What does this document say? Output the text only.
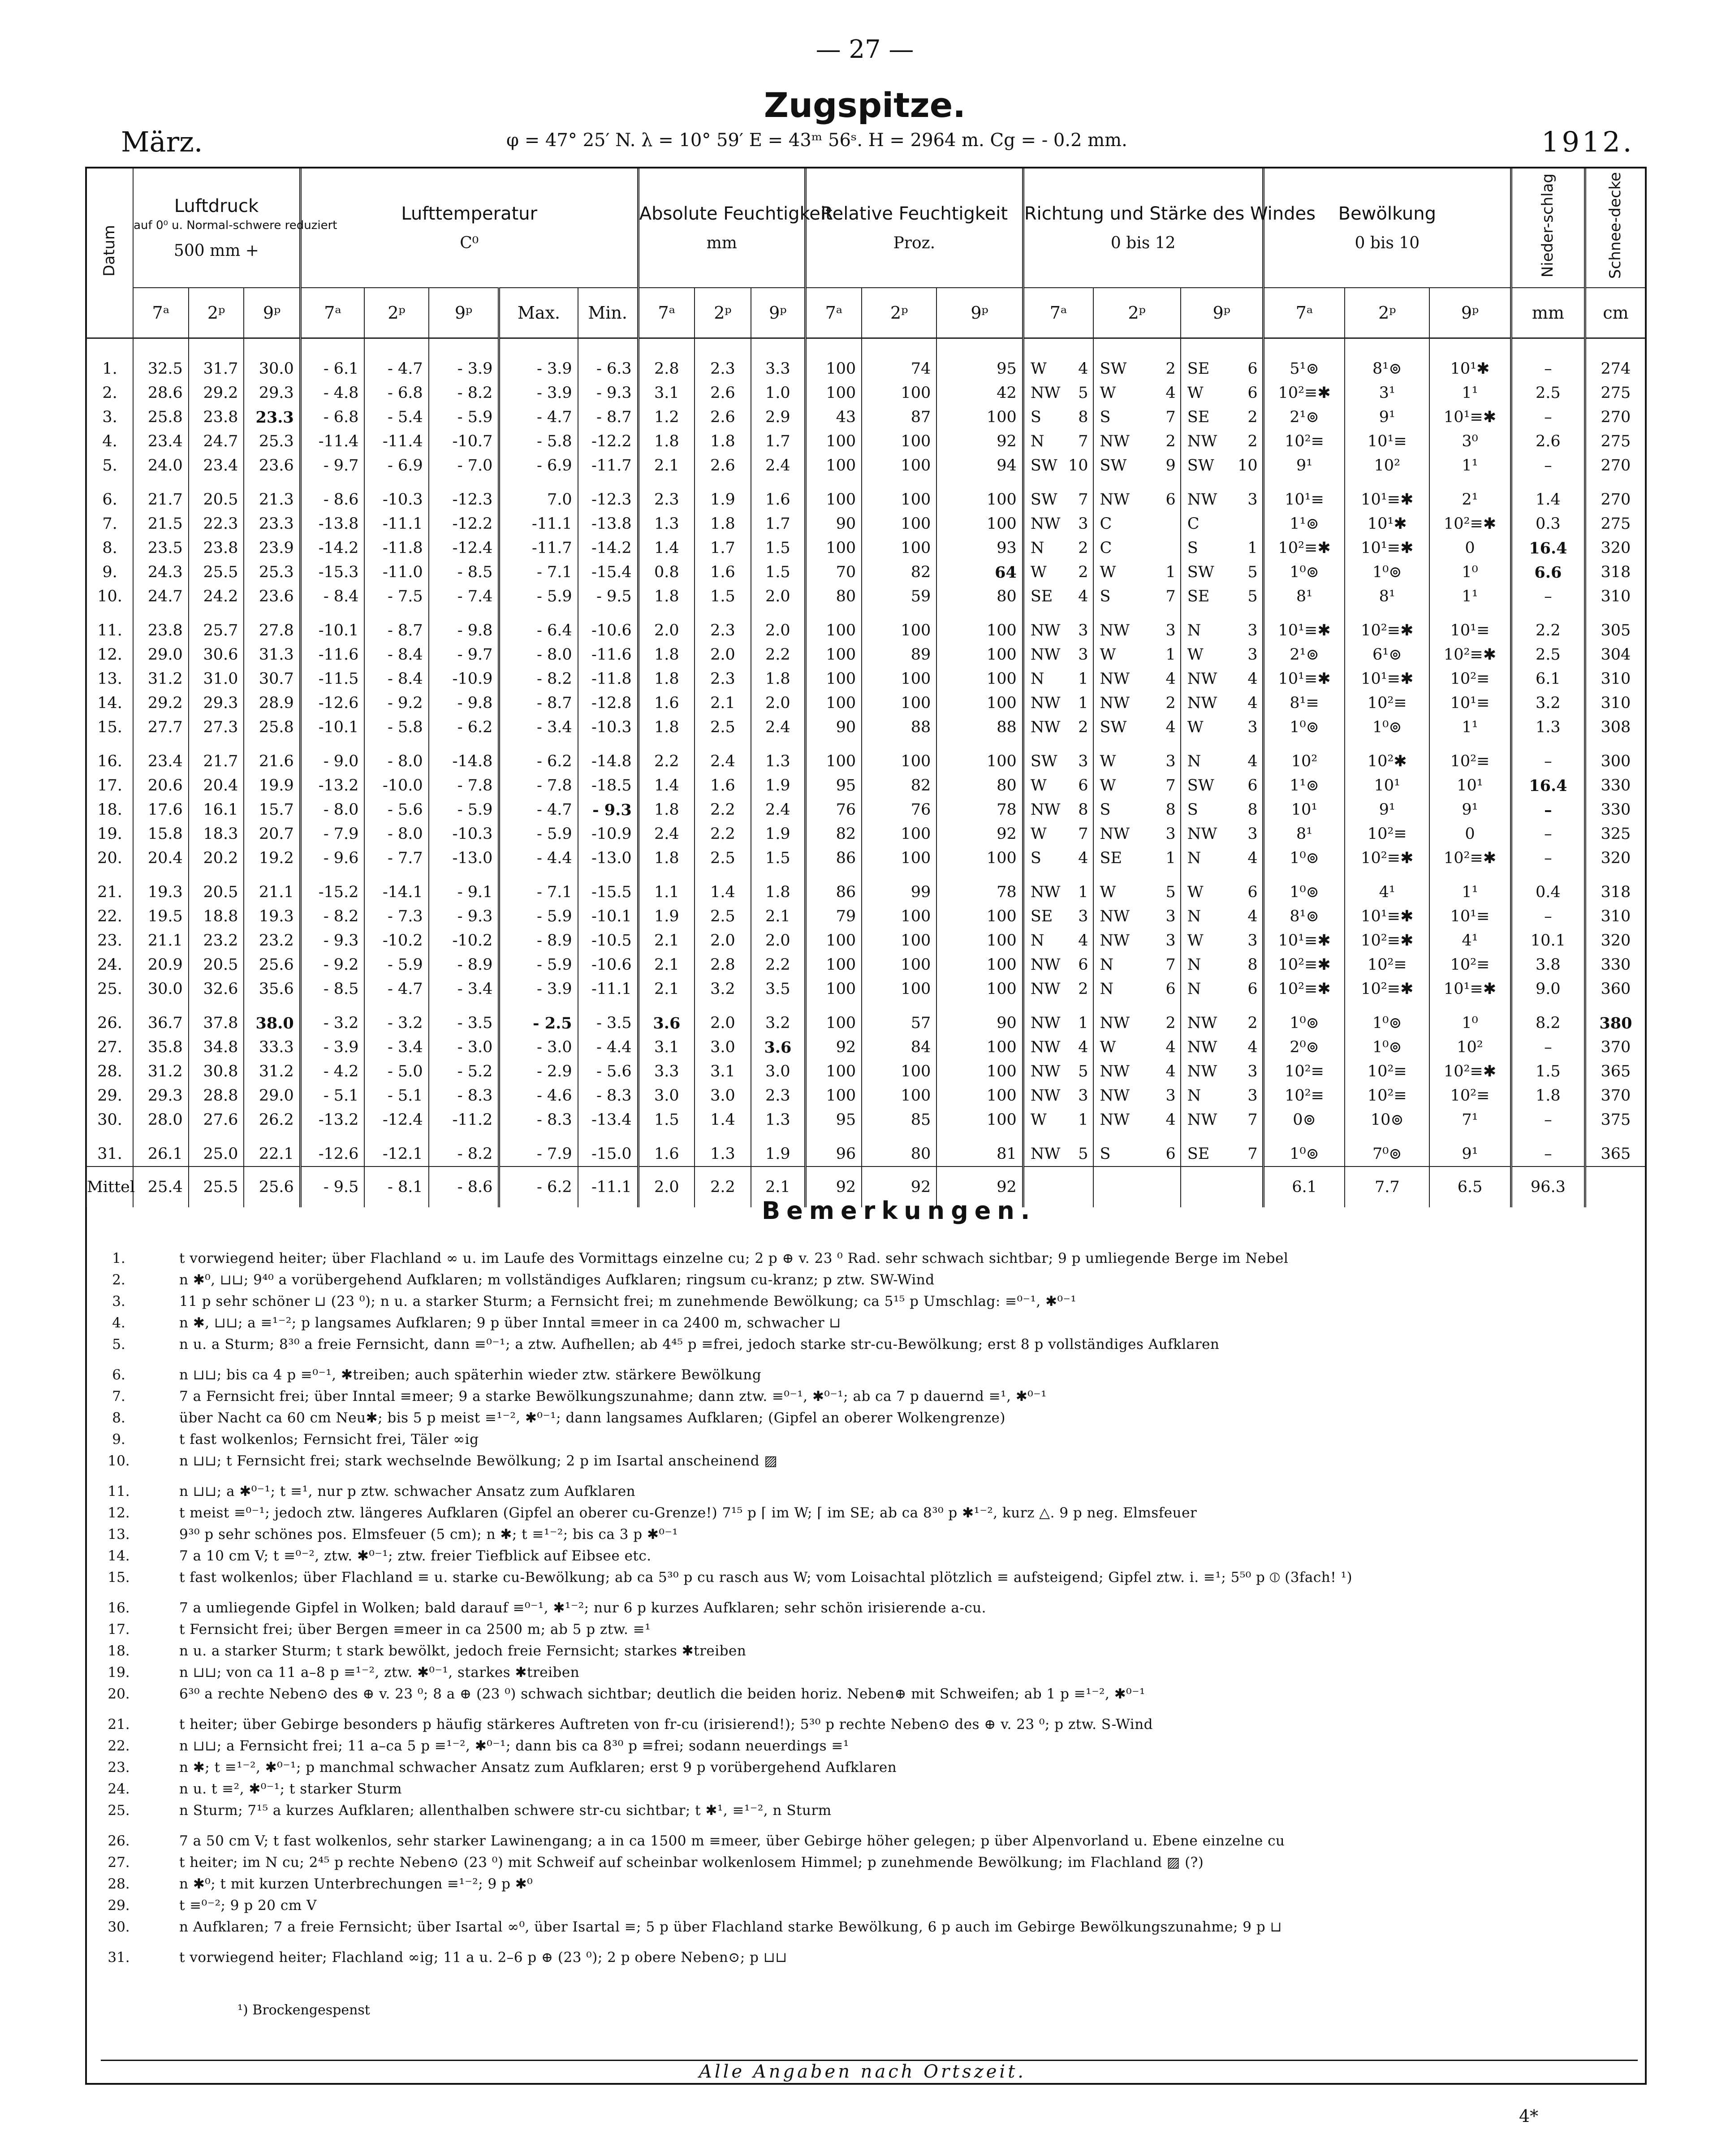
— 27 —
Zugspitze.
März.	φ = 47° 25′ N. λ = 10° 59′ E = 43ᵐ 56ˢ. H = 2964 m. Cg = - 0.2 mm.	1912.
Datum	Luftdruck
auf 0⁰ u. Normal-schwere reduziert
500 mm +			Lufttemperatur
C⁰					Absolute Feuchtigkeit
mm			Relative Feuchtigkeit
Proz.			Richtung und Stärke des Windes
0 bis 12			Bewölkung
0 bis 10			Nieder-schlag	Schnee-decke
	7ᵃ	2ᵖ	9ᵖ	7ᵃ	2ᵖ	9ᵖ	Max.	Min.	7ᵃ	2ᵖ	9ᵖ	7ᵃ	2ᵖ	9ᵖ	7ᵃ	2ᵖ	9ᵖ	7ᵃ	2ᵖ	9ᵖ	mm	cm
1.	32.5	31.7	30.0	- 6.1	- 4.7	- 3.9	- 3.9	- 6.3	2.8	2.3	3.3	100	74	95	W 4	SW 2	SE 6	5¹⊚	8¹⊚	10¹✱	–	274
2.	28.6	29.2	29.3	- 4.8	- 6.8	- 8.2	- 3.9	- 9.3	3.1	2.6	1.0	100	100	42	NW 5	W 4	W 6	10²≡✱	3¹	1¹	2.5	275
3.	25.8	23.8	23.3	- 6.8	- 5.4	- 5.9	- 4.7	- 8.7	1.2	2.6	2.9	43	87	100	S 8	S 7	SE 2	2¹⊚	9¹	10¹≡✱	–	270
4.	23.4	24.7	25.3	-11.4	-11.4	-10.7	- 5.8	-12.2	1.8	1.8	1.7	100	100	92	N 7	NW 2	NW 2	10²≡	10¹≡	3⁰	2.6	275
5.	24.0	23.4	23.6	- 9.7	- 6.9	- 7.0	- 6.9	-11.7	2.1	2.6	2.4	100	100	94	SW 10	SW 9	SW 10	9¹	10²	1¹	–	270
6.	21.7	20.5	21.3	- 8.6	-10.3	-12.3	7.0	-12.3	2.3	1.9	1.6	100	100	100	SW 7	NW 6	NW 3	10¹≡	10¹≡✱	2¹	1.4	270
7.	21.5	22.3	23.3	-13.8	-11.1	-12.2	-11.1	-13.8	1.3	1.8	1.7	90	100	100	NW 3	C	C	1¹⊚	10¹✱	10²≡✱	0.3	275
8.	23.5	23.8	23.9	-14.2	-11.8	-12.4	-11.7	-14.2	1.4	1.7	1.5	100	100	93	N 2	C	S 1	10²≡✱	10¹≡✱	0	16.4	320
9.	24.3	25.5	25.3	-15.3	-11.0	- 8.5	- 7.1	-15.4	0.8	1.6	1.5	70	82	64	W 2	W 1	SW 5	1⁰⊚	1⁰⊚	1⁰	6.6	318
10.	24.7	24.2	23.6	- 8.4	- 7.5	- 7.4	- 5.9	- 9.5	1.8	1.5	2.0	80	59	80	SE 4	S 7	SE 5	8¹	8¹	1¹	–	310
11.	23.8	25.7	27.8	-10.1	- 8.7	- 9.8	- 6.4	-10.6	2.0	2.3	2.0	100	100	100	NW 3	NW 3	N 3	10¹≡✱	10²≡✱	10¹≡	2.2	305
12.	29.0	30.6	31.3	-11.6	- 8.4	- 9.7	- 8.0	-11.6	1.8	2.0	2.2	100	89	100	NW 3	W 1	W 3	2¹⊚	6¹⊚	10²≡✱	2.5	304
13.	31.2	31.0	30.7	-11.5	- 8.4	-10.9	- 8.2	-11.8	1.8	2.3	1.8	100	100	100	N 1	NW 4	NW 4	10¹≡✱	10¹≡✱	10²≡	6.1	310
14.	29.2	29.3	28.9	-12.6	- 9.2	- 9.8	- 8.7	-12.8	1.6	2.1	2.0	100	100	100	NW 1	NW 2	NW 4	8¹≡	10²≡	10¹≡	3.2	310
15.	27.7	27.3	25.8	-10.1	- 5.8	- 6.2	- 3.4	-10.3	1.8	2.5	2.4	90	88	88	NW 2	SW 4	W 3	1⁰⊚	1⁰⊚	1¹	1.3	308
16.	23.4	21.7	21.6	- 9.0	- 8.0	-14.8	- 6.2	-14.8	2.2	2.4	1.3	100	100	100	SW 3	W 3	N 4	10²	10²✱	10²≡	–	300
17.	20.6	20.4	19.9	-13.2	-10.0	- 7.8	- 7.8	-18.5	1.4	1.6	1.9	95	82	80	W 6	W 7	SW 6	1¹⊚	10¹	10¹	16.4	330
18.	17.6	16.1	15.7	- 8.0	- 5.6	- 5.9	- 4.7	- 9.3	1.8	2.2	2.4	76	76	78	NW 8	S 8	S 8	10¹	9¹	9¹	–	330
19.	15.8	18.3	20.7	- 7.9	- 8.0	-10.3	- 5.9	-10.9	2.4	2.2	1.9	82	100	92	W 7	NW 3	NW 3	8¹	10²≡	0	–	325
20.	20.4	20.2	19.2	- 9.6	- 7.7	-13.0	- 4.4	-13.0	1.8	2.5	1.5	86	100	100	S 4	SE 1	N 4	1⁰⊚	10²≡✱	10²≡✱	–	320
21.	19.3	20.5	21.1	-15.2	-14.1	- 9.1	- 7.1	-15.5	1.1	1.4	1.8	86	99	78	NW 1	W 5	W 6	1⁰⊚	4¹	1¹	0.4	318
22.	19.5	18.8	19.3	- 8.2	- 7.3	- 9.3	- 5.9	-10.1	1.9	2.5	2.1	79	100	100	SE 3	NW 3	N 4	8¹⊚	10¹≡✱	10¹≡	–	310
23.	21.1	23.2	23.2	- 9.3	-10.2	-10.2	- 8.9	-10.5	2.1	2.0	2.0	100	100	100	N 4	NW 3	W 3	10¹≡✱	10²≡✱	4¹	10.1	320
24.	20.9	20.5	25.6	- 9.2	- 5.9	- 8.9	- 5.9	-10.6	2.1	2.8	2.2	100	100	100	NW 6	N 7	N 8	10²≡✱	10²≡	10²≡	3.8	330
25.	30.0	32.6	35.6	- 8.5	- 4.7	- 3.4	- 3.9	-11.1	2.1	3.2	3.5	100	100	100	NW 2	N 6	N 6	10²≡✱	10²≡✱	10¹≡✱	9.0	360
26.	36.7	37.8	38.0	- 3.2	- 3.2	- 3.5	- 2.5	- 3.5	3.6	2.0	3.2	100	57	90	NW 1	NW 2	NW 2	1⁰⊚	1⁰⊚	1⁰	8.2	380
27.	35.8	34.8	33.3	- 3.9	- 3.4	- 3.0	- 3.0	- 4.4	3.1	3.0	3.6	92	84	100	NW 4	W 4	NW 4	2⁰⊚	1⁰⊚	10²	–	370
28.	31.2	30.8	31.2	- 4.2	- 5.0	- 5.2	- 2.9	- 5.6	3.3	3.1	3.0	100	100	100	NW 5	NW 4	NW 3	10²≡	10²≡	10²≡✱	1.5	365
29.	29.3	28.8	29.0	- 5.1	- 5.1	- 8.3	- 4.6	- 8.3	3.0	3.0	2.3	100	100	100	NW 3	NW 3	N 3	10²≡	10²≡	10²≡	1.8	370
30.	28.0	27.6	26.2	-13.2	-12.4	-11.2	- 8.3	-13.4	1.5	1.4	1.3	95	85	100	W 1	NW 4	NW 7	0⊚	10⊚	7¹	–	375
31.	26.1	25.0	22.1	-12.6	-12.1	- 8.2	- 7.9	-15.0	1.6	1.3	1.9	96	80	81	NW 5	S 6	SE 7	1⁰⊚	7⁰⊚	9¹	–	365
Mittel	25.4	25.5	25.6	- 9.5	- 8.1	- 8.6	- 6.2	-11.1	2.0	2.2	2.1	92	92	92				6.1	7.7	6.5	96.3	
Bemerkungen.
1.	t vorwiegend heiter; über Flachland ∞ u. im Laufe des Vormittags einzelne cu; 2 p ⊕ v. 23 ⁰ Rad. sehr schwach sichtbar; 9 p umliegende Berge im Nebel
2.	n ✱⁰, ⊔⊔; 9⁴⁰ a vorübergehend Aufklaren; m vollständiges Aufklaren; ringsum cu-kranz; p ztw. SW-Wind
3.	11 p sehr schöner ⊔ (23 ⁰); n u. a starker Sturm; a Fernsicht frei; m zunehmende Bewölkung; ca 5¹⁵ p Umschlag: ≡⁰⁻¹, ✱⁰⁻¹
4.	n ✱, ⊔⊔; a ≡¹⁻²; p langsames Aufklaren; 9 p über Inntal ≡meer in ca 2400 m, schwacher ⊔
5.	n u. a Sturm; 8³⁰ a freie Fernsicht, dann ≡⁰⁻¹; a ztw. Aufhellen; ab 4⁴⁵ p ≡frei, jedoch starke str-cu-Bewölkung; erst 8 p vollständiges Aufklaren
6.	n ⊔⊔; bis ca 4 p ≡⁰⁻¹, ✱treiben; auch späterhin wieder ztw. stärkere Bewölkung
7.	7 a Fernsicht frei; über Inntal ≡meer; 9 a starke Bewölkungszunahme; dann ztw. ≡⁰⁻¹, ✱⁰⁻¹; ab ca 7 p dauernd ≡¹, ✱⁰⁻¹
8.	über Nacht ca 60 cm Neu✱; bis 5 p meist ≡¹⁻², ✱⁰⁻¹; dann langsames Aufklaren; (Gipfel an oberer Wolkengrenze)
9.	t fast wolkenlos; Fernsicht frei, Täler ∞ig
10.	n ⊔⊔; t Fernsicht frei; stark wechselnde Bewölkung; 2 p im Isartal anscheinend ▨
11.	n ⊔⊔; a ✱⁰⁻¹; t ≡¹, nur p ztw. schwacher Ansatz zum Aufklaren
12.	t meist ≡⁰⁻¹; jedoch ztw. längeres Aufklaren (Gipfel an oberer cu-Grenze!) 7¹⁵ p ⌈ im W; ⌈ im SE; ab ca 8³⁰ p ✱¹⁻², kurz △. 9 p neg. Elmsfeuer
13.	9³⁰ p sehr schönes pos. Elmsfeuer (5 cm); n ✱; t ≡¹⁻²; bis ca 3 p ✱⁰⁻¹
14.	7 a 10 cm V; t ≡⁰⁻², ztw. ✱⁰⁻¹; ztw. freier Tiefblick auf Eibsee etc.
15.	t fast wolkenlos; über Flachland ≡ u. starke cu-Bewölkung; ab ca 5³⁰ p cu rasch aus W; vom Loisachtal plötzlich ≡ aufsteigend; Gipfel ztw. i. ≡¹; 5⁵⁰ p ⦶ (3fach! ¹)
16.	7 a umliegende Gipfel in Wolken; bald darauf ≡⁰⁻¹, ✱¹⁻²; nur 6 p kurzes Aufklaren; sehr schön irisierende a-cu.
17.	t Fernsicht frei; über Bergen ≡meer in ca 2500 m; ab 5 p ztw. ≡¹
18.	n u. a starker Sturm; t stark bewölkt, jedoch freie Fernsicht; starkes ✱treiben
19.	n ⊔⊔; von ca 11 a–8 p ≡¹⁻², ztw. ✱⁰⁻¹, starkes ✱treiben
20.	6³⁰ a rechte Neben⊙ des ⊕ v. 23 ⁰; 8 a ⊕ (23 ⁰) schwach sichtbar; deutlich die beiden horiz. Neben⊕ mit Schweifen; ab 1 p ≡¹⁻², ✱⁰⁻¹
21.	t heiter; über Gebirge besonders p häufig stärkeres Auftreten von fr-cu (irisierend!); 5³⁰ p rechte Neben⊙ des ⊕ v. 23 ⁰; p ztw. S-Wind
22.	n ⊔⊔; a Fernsicht frei; 11 a–ca 5 p ≡¹⁻², ✱⁰⁻¹; dann bis ca 8³⁰ p ≡frei; sodann neuerdings ≡¹
23.	n ✱; t ≡¹⁻², ✱⁰⁻¹; p manchmal schwacher Ansatz zum Aufklaren; erst 9 p vorübergehend Aufklaren
24.	n u. t ≡², ✱⁰⁻¹; t starker Sturm
25.	n Sturm; 7¹⁵ a kurzes Aufklaren; allenthalben schwere str-cu sichtbar; t ✱¹, ≡¹⁻², n Sturm
26.	7 a 50 cm V; t fast wolkenlos, sehr starker Lawinengang; a in ca 1500 m ≡meer, über Gebirge höher gelegen; p über Alpenvorland u. Ebene einzelne cu
27.	t heiter; im N cu; 2⁴⁵ p rechte Neben⊙ (23 ⁰) mit Schweif auf scheinbar wolkenlosem Himmel; p zunehmende Bewölkung; im Flachland ▨ (?)
28.	n ✱⁰; t mit kurzen Unterbrechungen ≡¹⁻²; 9 p ✱⁰
29.	t ≡⁰⁻²; 9 p 20 cm V
30.	n Aufklaren; 7 a freie Fernsicht; über Isartal ∞⁰, über Isartal ≡; 5 p über Flachland starke Bewölkung, 6 p auch im Gebirge Bewölkungszunahme; 9 p ⊔
31.	t vorwiegend heiter; Flachland ∞ig; 11 a u. 2–6 p ⊕ (23 ⁰); 2 p obere Neben⊙; p ⊔⊔
¹) Brockengespenst
Alle Angaben nach Ortszeit.
4*
